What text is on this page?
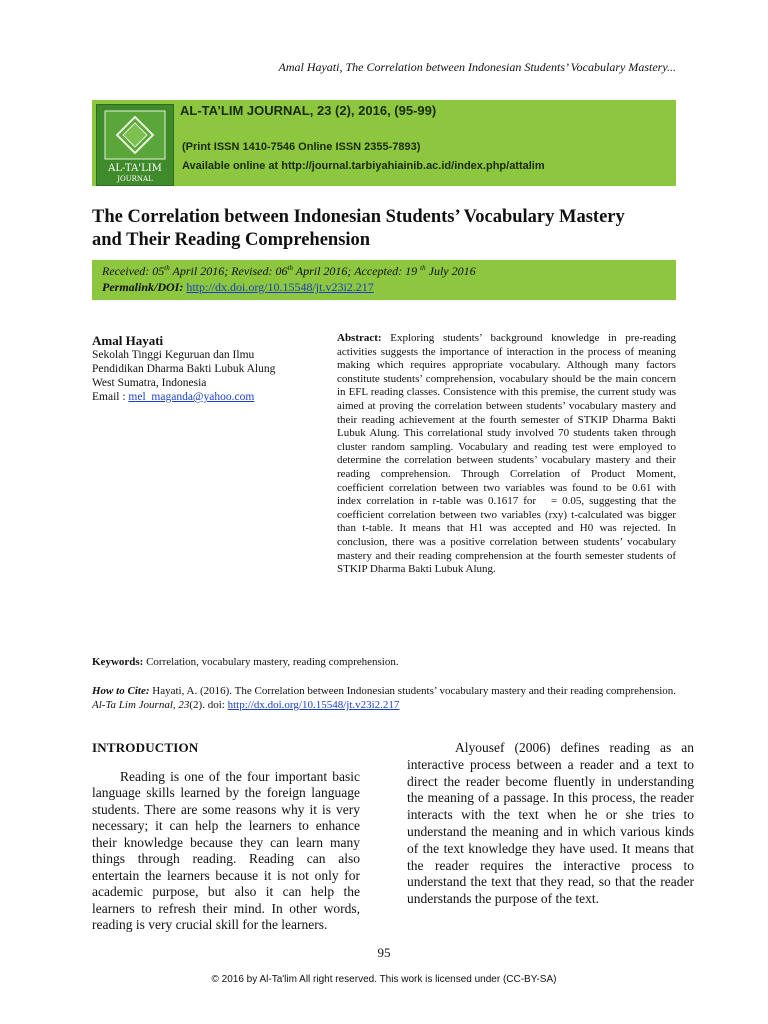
Amal Hayati, The Correlation between Indonesian Students’ Vocabulary Mastery...
AL-TA'LIM
JOURNAL
AL-TA’LIM JOURNAL, 23 (2), 2016, (95-99)
(Print ISSN 1410-7546 Online ISSN 2355-7893)
Available online at http://journal.tarbiyahiainib.ac.id/index.php/attalim
The Correlation between Indonesian Students’ Vocabulary Mastery and Their Reading Comprehension
Received: 05th April 2016; Revised: 06th April 2016; Accepted: 19 $^{th}$ July 2016
Permalink/DOI: http://dx.doi.org/10.15548/jt.v23i2.217
Amal Hayati
Sekolah Tinggi Keguruan dan Ilmu
Pendidikan Dharma Bakti Lubuk Alung
West Sumatra, Indonesia
Email : mel_maganda@yahoo.com
Abstract: Exploring students’ background knowledge in pre-reading activities suggests the importance of interaction in the process of meaning making which requires appropriate vocabulary. Although many factors constitute students’ comprehension, vocabulary should be the main concern in EFL reading classes. Consistence with this premise, the current study was aimed at proving the correlation between students’ vocabulary mastery and their reading achievement at the fourth semester of STKIP Dharma Bakti Lubuk Alung. This correlational study involved 70 students taken through cluster random sampling. Vocabulary and reading test were employed to determine the correlation between students’ vocabulary mastery and their reading comprehension. Through Correlation of Product Moment, coefficient correlation between two variables was found to be 0.61 with index correlation in r-table was 0.1617 for   = 0.05, suggesting that the coefficient correlation between two variables (rxy) t-calculated was bigger than t-table. It means that H1 was accepted and H0 was rejected. In conclusion, there was a positive correlation between students’ vocabulary mastery and their reading comprehension at the fourth semester students of STKIP Dharma Bakti Lubuk Alung.
Keywords: Correlation, vocabulary mastery, reading comprehension.
How to Cite: Hayati, A. (2016). The Correlation between Indonesian students’ vocabulary mastery and their reading comprehension. Al-Ta Lim Journal, 23(2). doi: http://dx.doi.org/10.15548/jt.v23i2.217
INTRODUCTION
Reading is one of the four important basic language skills learned by the foreign language students. There are some reasons why it is very necessary; it can help the learners to enhance their knowledge because they can learn many things through reading. Reading can also entertain the learners because it is not only for academic purpose, but also it can help the learners to refresh their mind. In other words, reading is very crucial skill for the learners.
Alyousef (2006) defines reading as an interactive process between a reader and a text to direct the reader become fluently in understanding the meaning of a passage. In this process, the reader interacts with the text when he or she tries to understand the meaning and in which various kinds of the text knowledge they have used. It means that the reader requires the interactive process to understand the text that they read, so that the reader understands the purpose of the text.
95
© 2016 by Al-Ta'lim All right reserved. This work is licensed under (CC-BY-SA)
